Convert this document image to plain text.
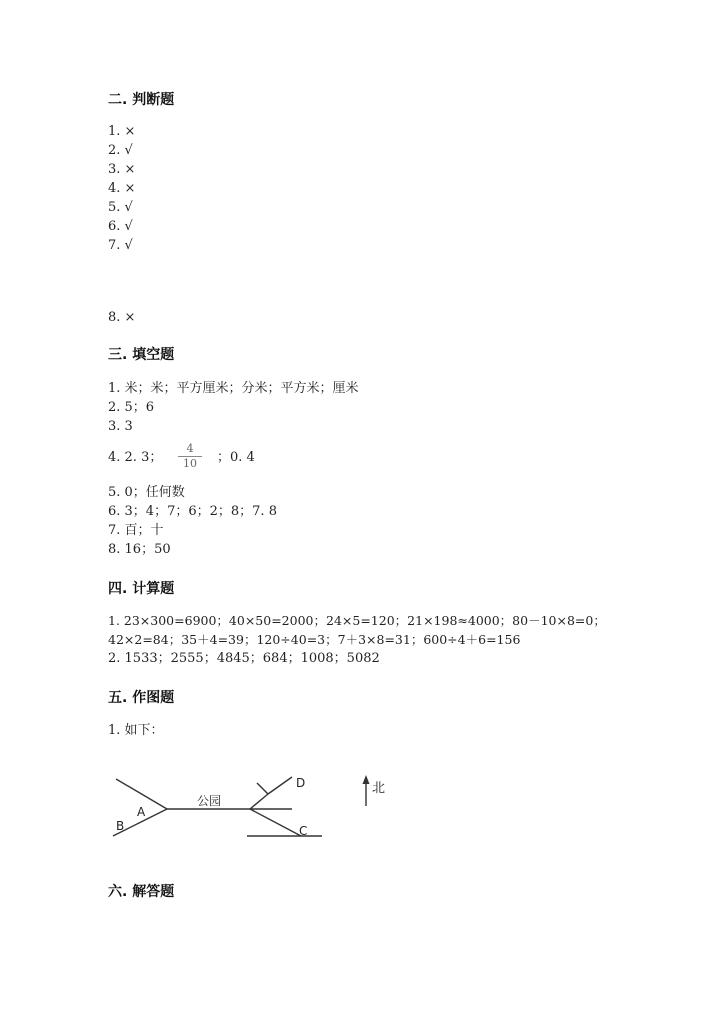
二. 判断题
1. ×
2. √
3. ×
4. ×
5. √
6. √
7. √
8. ×
三. 填空题
1. 米；米；平方厘米；分米；平方米；厘米
2. 5；6
3. 3
4. 2. 3；
4
10	；0. 4
5. 0；任何数
6. 3；4；7；6；2；8；7. 8
7. 百；十
8. 16；50
四. 计算题
1. 23×300=6900；40×50=2000；24×5=120；21×198≈4000；80－10×8=0；
42×2=84；35＋4=39；120÷40=3；7＋3×8=31；600÷4＋6=156
2. 1533；2555；4845；684；1008；5082
五. 作图题
1. 如下：
公园
A
B	C
D	北
六. 解答题
